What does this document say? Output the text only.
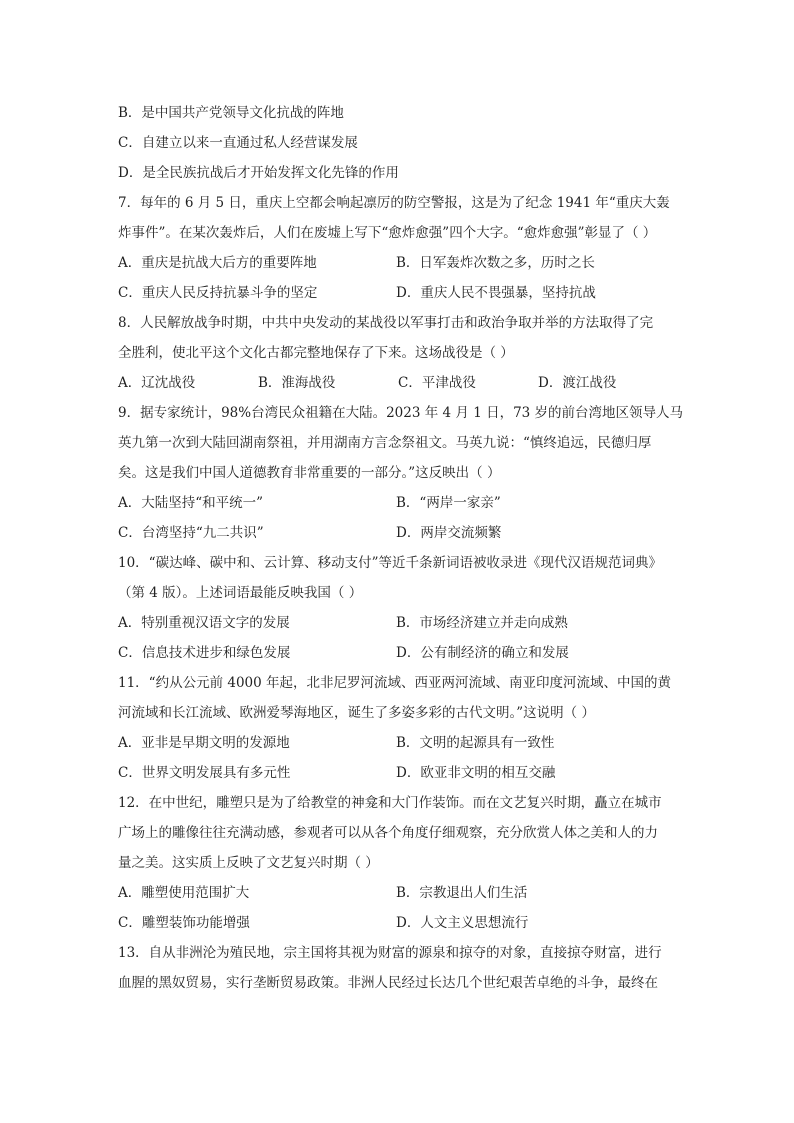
B．是中国共产党领导文化抗战的阵地
C．自建立以来一直通过私人经营谋发展
D．是全民族抗战后才开始发挥文化先锋的作用
7．每年的 6 月 5 日，重庆上空都会响起凛厉的防空警报，这是为了纪念 1941 年“重庆大轰
炸事件”。在某次轰炸后，人们在废墟上写下“愈炸愈强”四个大字。“愈炸愈强”彰显了（ ）
A．重庆是抗战大后方的重要阵地	B．日军轰炸次数之多，历时之长
C．重庆人民反持抗暴斗争的坚定	D．重庆人民不畏强暴，坚持抗战
8．人民解放战争时期，中共中央发动的某战役以军事打击和政治争取并举的方法取得了完
全胜利，使北平这个文化古都完整地保存了下来。这场战役是（ ）
A．辽沈战役	B．淮海战役	C．平津战役	D．渡江战役
9．据专家统计，98%台湾民众祖籍在大陆。2023 年 4 月 1 日，73 岁的前台湾地区领导人马
英九第一次到大陆回湖南祭祖，并用湖南方言念祭祖文。马英九说：“慎终追远，民德归厚
矣。这是我们中国人道德教育非常重要的一部分。”这反映出（ ）
A．大陆坚持“和平统一”	B．“两岸一家亲”
C．台湾坚持“九二共识”	D．两岸交流频繁
10．“碳达峰、碳中和、云计算、移动支付”等近千条新词语被收录进《现代汉语规范词典》
（第 4 版）。上述词语最能反映我国（ ）
A．特别重视汉语文字的发展	B．市场经济建立并走向成熟
C．信息技术进步和绿色发展	D．公有制经济的确立和发展
11．“约从公元前 4000 年起，北非尼罗河流域、西亚两河流域、南亚印度河流域、中国的黄
河流域和长江流域、欧洲爱琴海地区，诞生了多姿多彩的古代文明。”这说明（ ）
A．亚非是早期文明的发源地	B．文明的起源具有一致性
C．世界文明发展具有多元性	D．欧亚非文明的相互交融
12．在中世纪，雕塑只是为了给教堂的神龛和大门作装饰。而在文艺复兴时期，矗立在城市
广场上的雕像往往充满动感，参观者可以从各个角度仔细观察，充分欣赏人体之美和人的力
量之美。这实质上反映了文艺复兴时期（ ）
A．雕塑使用范围扩大	B．宗教退出人们生活
C．雕塑装饰功能增强	D．人文主义思想流行
13．自从非洲沦为殖民地，宗主国将其视为财富的源泉和掠夺的对象，直接掠夺财富，进行
血腥的黑奴贸易，实行垄断贸易政策。非洲人民经过长达几个世纪艰苦卓绝的斗争，最终在
